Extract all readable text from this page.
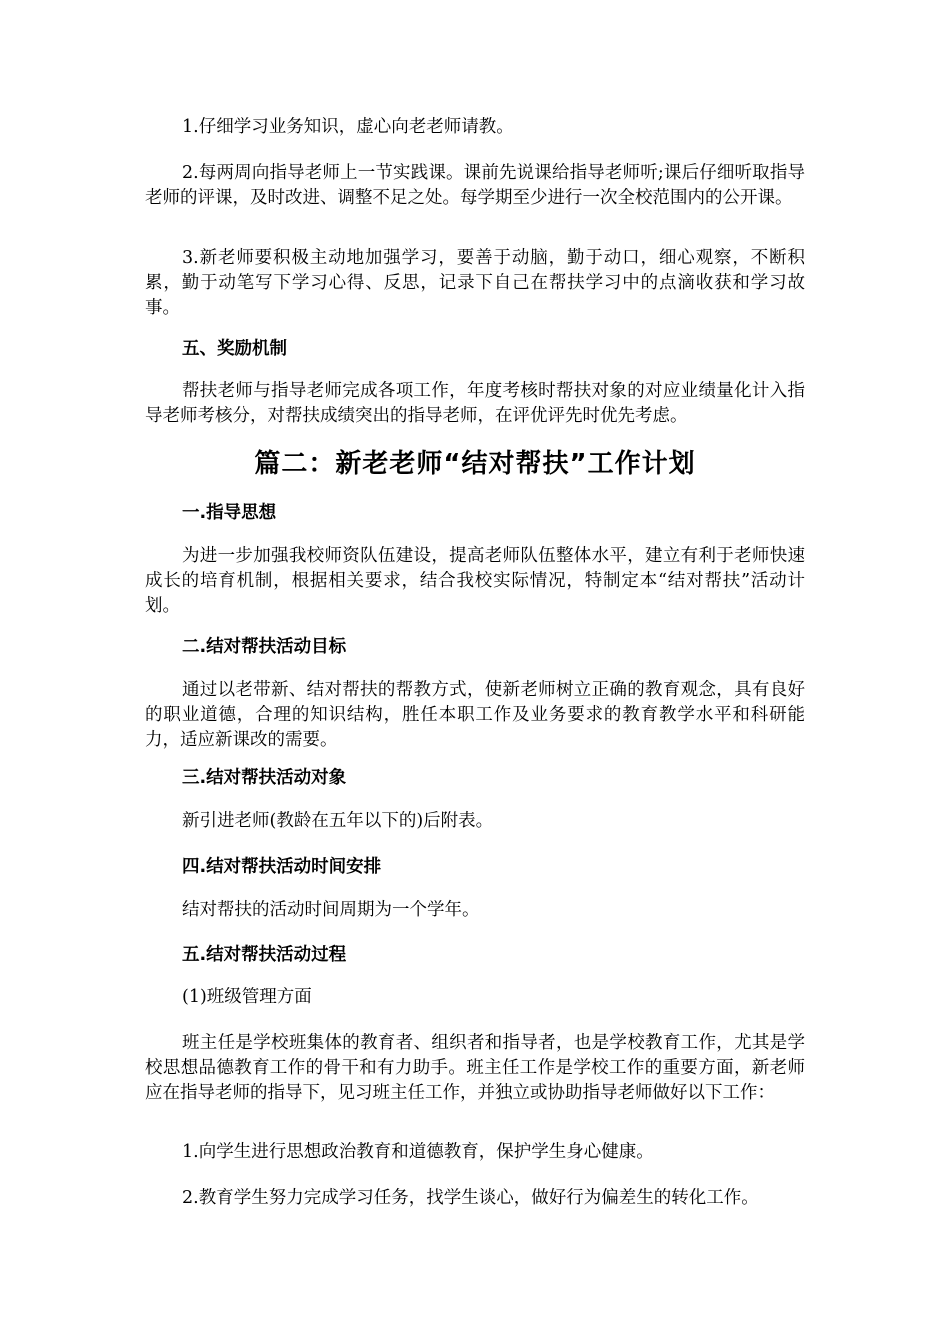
1.仔细学习业务知识，虚心向老老师请教。

2.每两周向指导老师上一节实践课。课前先说课给指导老师听;课后仔细听取指导老师的评课，及时改进、调整不足之处。每学期至少进行一次全校范围内的公开课。

3.新老师要积极主动地加强学习，要善于动脑，勤于动口，细心观察，不断积累，勤于动笔写下学习心得、反思，记录下自己在帮扶学习中的点滴收获和学习故事。

五、奖励机制

帮扶老师与指导老师完成各项工作，年度考核时帮扶对象的对应业绩量化计入指导老师考核分，对帮扶成绩突出的指导老师，在评优评先时优先考虑。

篇二：新老老师“结对帮扶”工作计划

一.指导思想

为进一步加强我校师资队伍建设，提高老师队伍整体水平，建立有利于老师快速成长的培育机制，根据相关要求，结合我校实际情况，特制定本“结对帮扶”活动计划。

二.结对帮扶活动目标

通过以老带新、结对帮扶的帮教方式，使新老师树立正确的教育观念，具有良好的职业道德，合理的知识结构，胜任本职工作及业务要求的教育教学水平和科研能力，适应新课改的需要。

三.结对帮扶活动对象

新引进老师(教龄在五年以下的)后附表。

四.结对帮扶活动时间安排

结对帮扶的活动时间周期为一个学年。

五.结对帮扶活动过程

(1)班级管理方面

班主任是学校班集体的教育者、组织者和指导者，也是学校教育工作，尤其是学校思想品德教育工作的骨干和有力助手。班主任工作是学校工作的重要方面，新老师应在指导老师的指导下，见习班主任工作，并独立或协助指导老师做好以下工作：

1.向学生进行思想政治教育和道德教育，保护学生身心健康。

2.教育学生努力完成学习任务，找学生谈心，做好行为偏差生的转化工作。
